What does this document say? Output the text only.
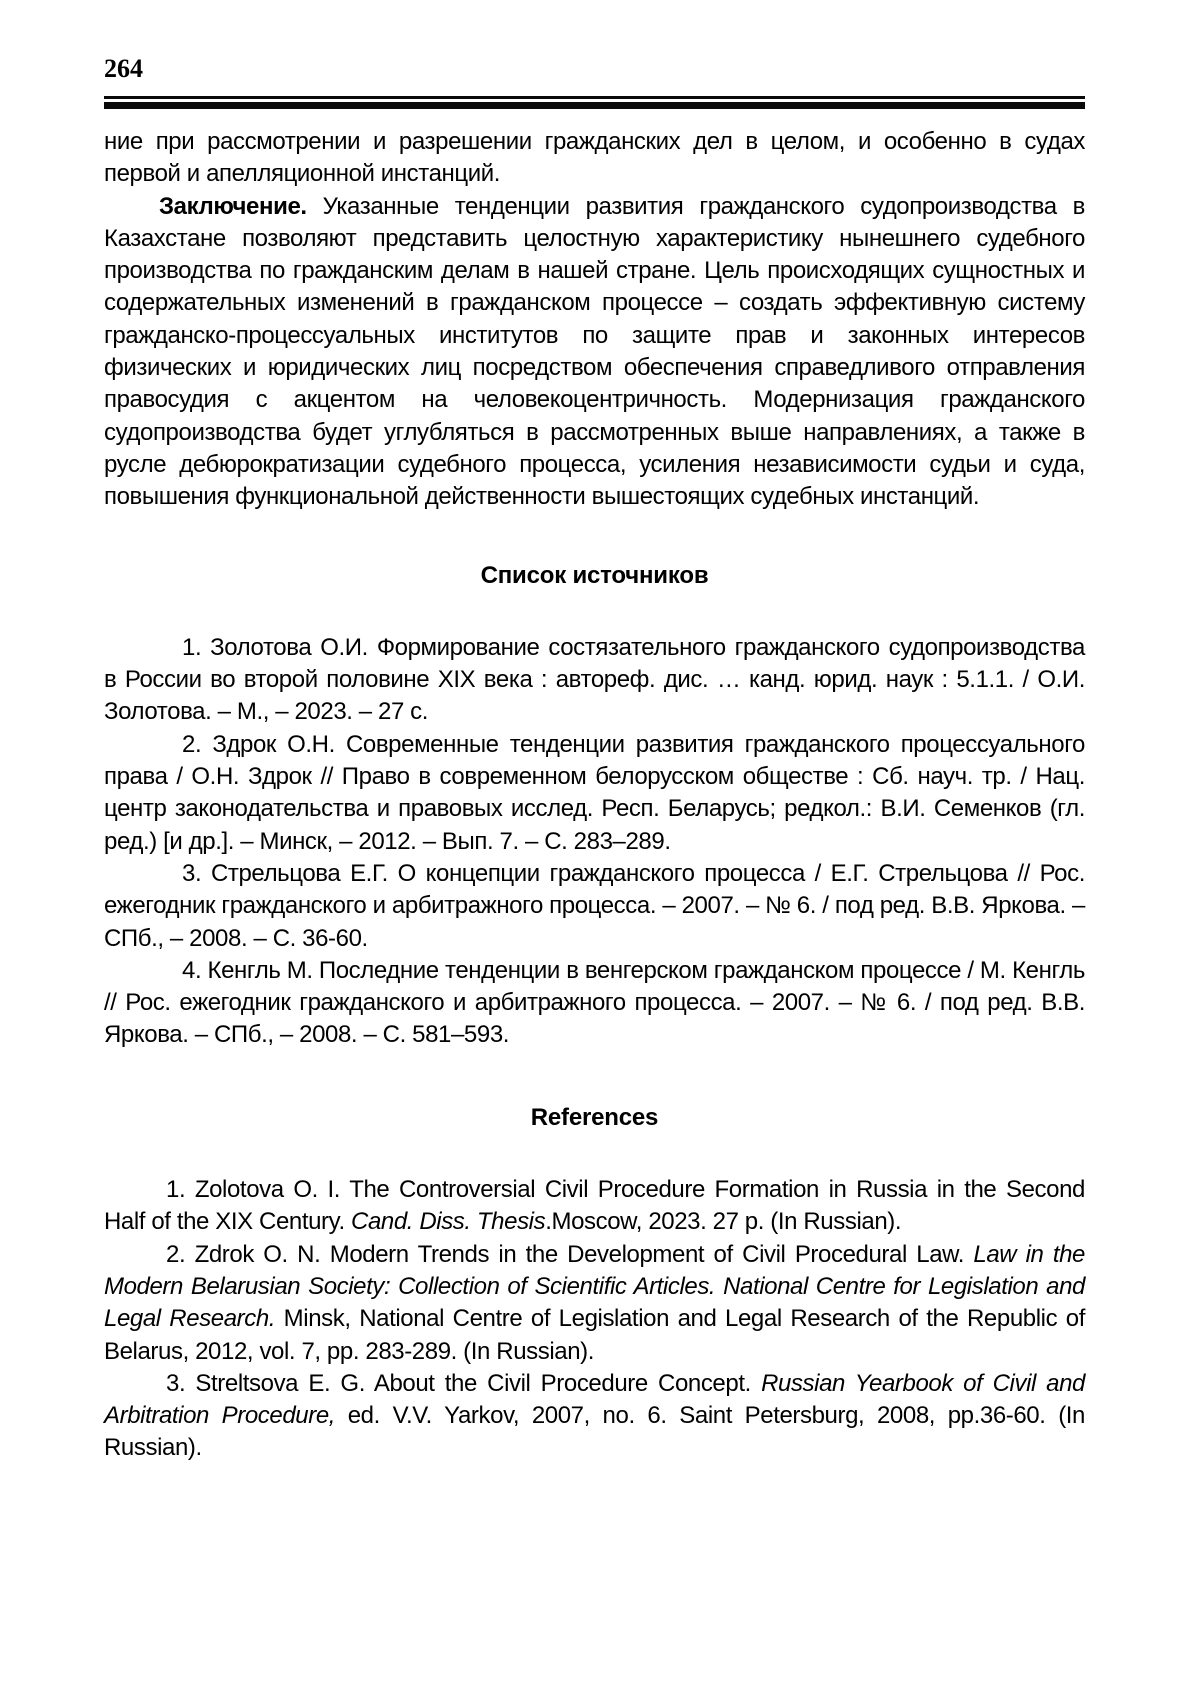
264

ние при рассмотрении и разрешении гражданских дел в целом, и особенно в судах первой и апелляционной инстанций.

Заключение. Указанные тенденции развития гражданского судопроизводства в Казахстане позволяют представить целостную характеристику нынешнего судебного производства по гражданским делам в нашей стране. Цель происходящих сущностных и содержательных изменений в гражданском процессе – создать эффективную систему гражданско-процессуальных институтов по защите прав и законных интересов физических и юридических лиц посредством обеспечения справедливого отправления правосудия с акцентом на человекоцентричность. Модернизация гражданского судопроизводства будет углубляться в рассмотренных выше направлениях, а также в русле дебюрократизации судебного процесса, усиления независимости судьи и суда, повышения функциональной действенности вышестоящих судебных инстанций.

Список источников

1. Золотова О.И. Формирование состязательного гражданского судопроизводства в России во второй половине XIX века : автореф. дис. … канд. юрид. наук : 5.1.1. / О.И. Золотова. – М., – 2023. – 27 с.

2. Здрок О.Н. Современные тенденции развития гражданского процессуального права / О.Н. Здрок // Право в современном белорусском обществе : Сб. науч. тр. / Нац. центр законодательства и правовых исслед. Респ. Беларусь; редкол.: В.И. Семенков (гл. ред.) [и др.]. – Минск, – 2012. – Вып. 7. – С. 283–289.

3. Стрельцова Е.Г. О концепции гражданского процесса / Е.Г. Стрельцова // Рос. ежегодник гражданского и арбитражного процесса. – 2007. – № 6. / под ред. В.В. Яркова. – СПб., – 2008. – С. 36-60.

4. Кенгль М. Последние тенденции в венгерском гражданском процессе / М. Кенгль // Рос. ежегодник гражданского и арбитражного процесса. – 2007. – № 6. / под ред. В.В. Яркова. – СПб., – 2008. – С. 581–593.

References

1. Zolotova O. I. The Controversial Civil Procedure Formation in Russia in the Second Half of the XIX Century. Cand. Diss. Thesis.Moscow, 2023. 27 p. (In Russian).

2. Zdrok O. N. Modern Trends in the Development of Civil Procedural Law. Law in the Modern Belarusian Society: Collection of Scientific Articles. National Centre for Legislation and Legal Research. Minsk, National Centre of Legislation and Legal Research of the Republic of Belarus, 2012, vol. 7, pp. 283-289. (In Russian).

3. Streltsova E. G. About the Civil Procedure Concept. Russian Yearbook of Civil and Arbitration Procedure, ed. V.V. Yarkov, 2007, no. 6. Saint Petersburg, 2008, pp.36-60. (In Russian).
